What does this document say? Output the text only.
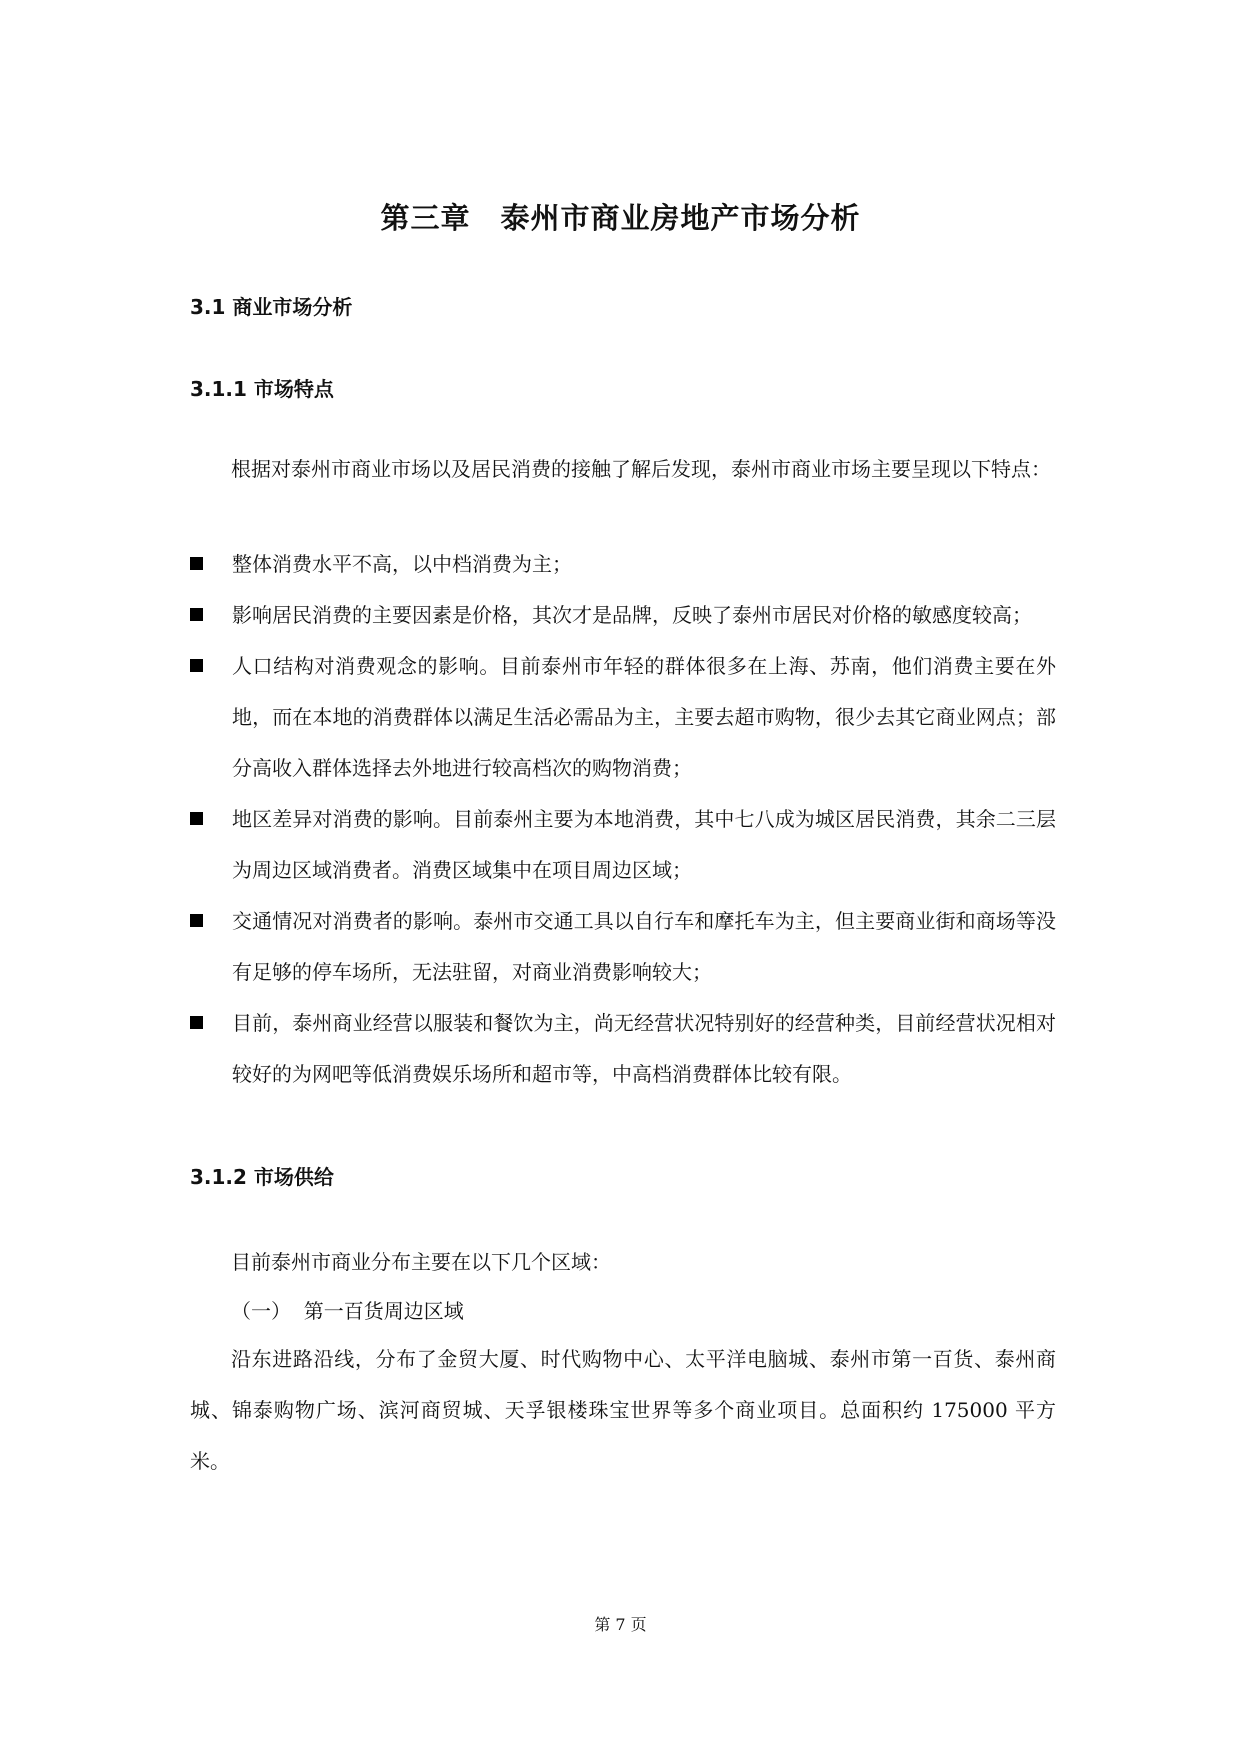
第三章　泰州市商业房地产市场分析
3.1 商业市场分析
3.1.1 市场特点

根据对泰州市商业市场以及居民消费的接触了解后发现，泰州市商业市场主要呈现以下特点：

整体消费水平不高，以中档消费为主；
影响居民消费的主要因素是价格，其次才是品牌，反映了泰州市居民对价格的敏感度较高；
人口结构对消费观念的影响。目前泰州市年轻的群体很多在上海、苏南，他们消费主要在外地，而在本地的消费群体以满足生活必需品为主，主要去超市购物，很少去其它商业网点；部分高收入群体选择去外地进行较高档次的购物消费；
地区差异对消费的影响。目前泰州主要为本地消费，其中七八成为城区居民消费，其余二三层为周边区域消费者。消费区域集中在项目周边区域；
交通情况对消费者的影响。泰州市交通工具以自行车和摩托车为主，但主要商业街和商场等没有足够的停车场所，无法驻留，对商业消费影响较大；
目前，泰州商业经营以服装和餐饮为主，尚无经营状况特别好的经营种类，目前经营状况相对较好的为网吧等低消费娱乐场所和超市等，中高档消费群体比较有限。
3.1.2 市场供给

目前泰州市商业分布主要在以下几个区域：

（一）  第一百货周边区域

沿东进路沿线，分布了金贸大厦、时代购物中心、太平洋电脑城、泰州市第一百货、泰州商城、锦泰购物广场、滨河商贸城、天孚银楼珠宝世界等多个商业项目。总面积约 175000 平方米。

第 7 页
